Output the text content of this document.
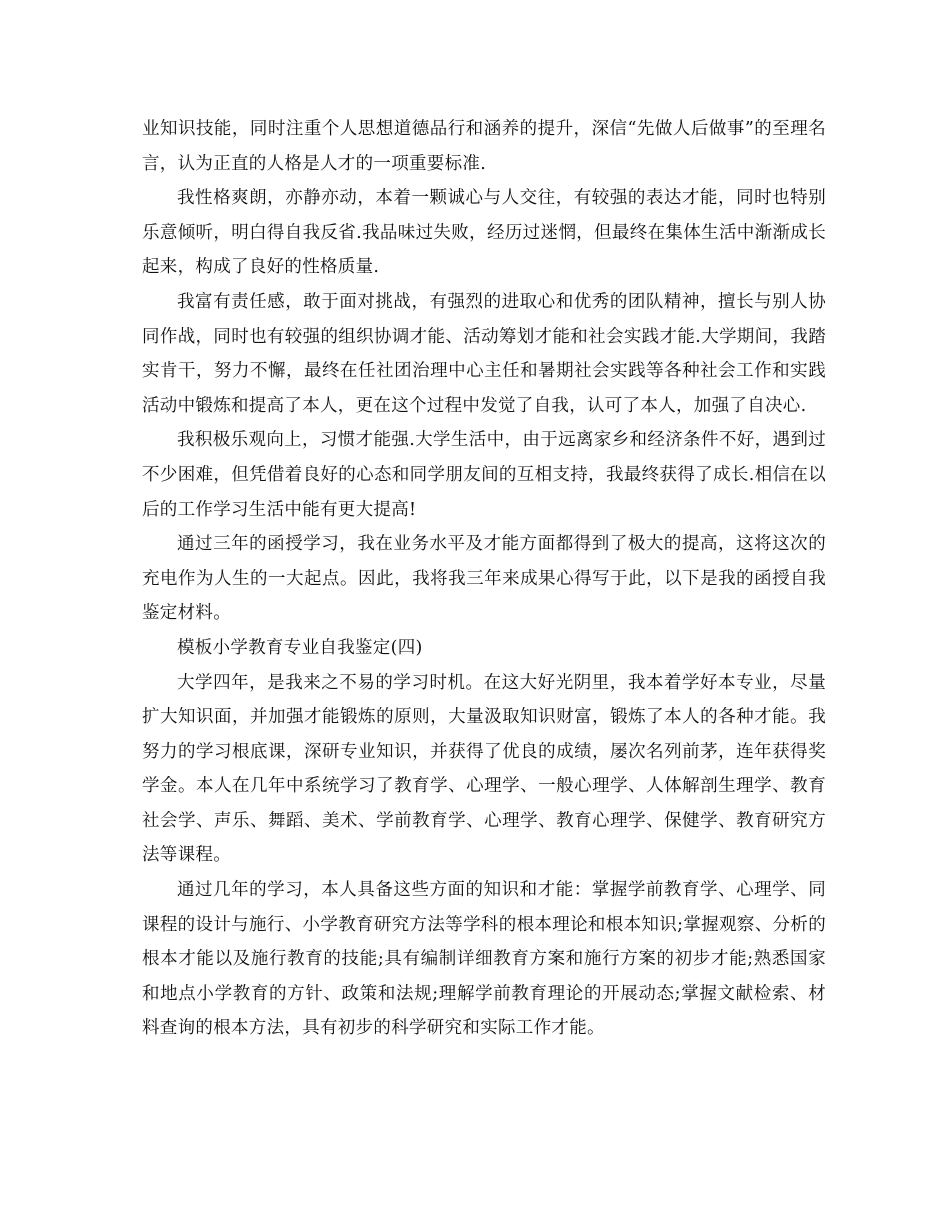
业知识技能，同时注重个人思想道德品行和涵养的提升，深信“先做人后做事”的至理名言，认为正直的人格是人才的一项重要标准.

我性格爽朗，亦静亦动，本着一颗诚心与人交往，有较强的表达才能，同时也特别乐意倾听，明白得自我反省.我品味过失败，经历过迷惘，但最终在集体生活中渐渐成长起来，构成了良好的性格质量.

我富有责任感，敢于面对挑战，有强烈的进取心和优秀的团队精神，擅长与别人协同作战，同时也有较强的组织协调才能、活动筹划才能和社会实践才能.大学期间，我踏实肯干，努力不懈，最终在任社团治理中心主任和暑期社会实践等各种社会工作和实践活动中锻炼和提高了本人，更在这个过程中发觉了自我，认可了本人，加强了自决心.

我积极乐观向上，习惯才能强.大学生活中，由于远离家乡和经济条件不好，遇到过不少困难，但凭借着良好的心态和同学朋友间的互相支持，我最终获得了成长.相信在以后的工作学习生活中能有更大提高!

通过三年的函授学习，我在业务水平及才能方面都得到了极大的提高，这将这次的充电作为人生的一大起点。因此，我将我三年来成果心得写于此，以下是我的函授自我鉴定材料。

模板小学教育专业自我鉴定(四)

大学四年，是我来之不易的学习时机。在这大好光阴里，我本着学好本专业，尽量扩大知识面，并加强才能锻炼的原则，大量汲取知识财富，锻炼了本人的各种才能。我努力的学习根底课，深研专业知识，并获得了优良的成绩，屡次名列前茅，连年获得奖学金。本人在几年中系统学习了教育学、心理学、一般心理学、人体解剖生理学、教育社会学、声乐、舞蹈、美术、学前教育学、心理学、教育心理学、保健学、教育研究方法等课程。

通过几年的学习，本人具备这些方面的知识和才能：掌握学前教育学、心理学、同课程的设计与施行、小学教育研究方法等学科的根本理论和根本知识;掌握观察、分析的根本才能以及施行教育的技能;具有编制详细教育方案和施行方案的初步才能;熟悉国家和地点小学教育的方针、政策和法规;理解学前教育理论的开展动态;掌握文献检索、材料查询的根本方法，具有初步的科学研究和实际工作才能。
